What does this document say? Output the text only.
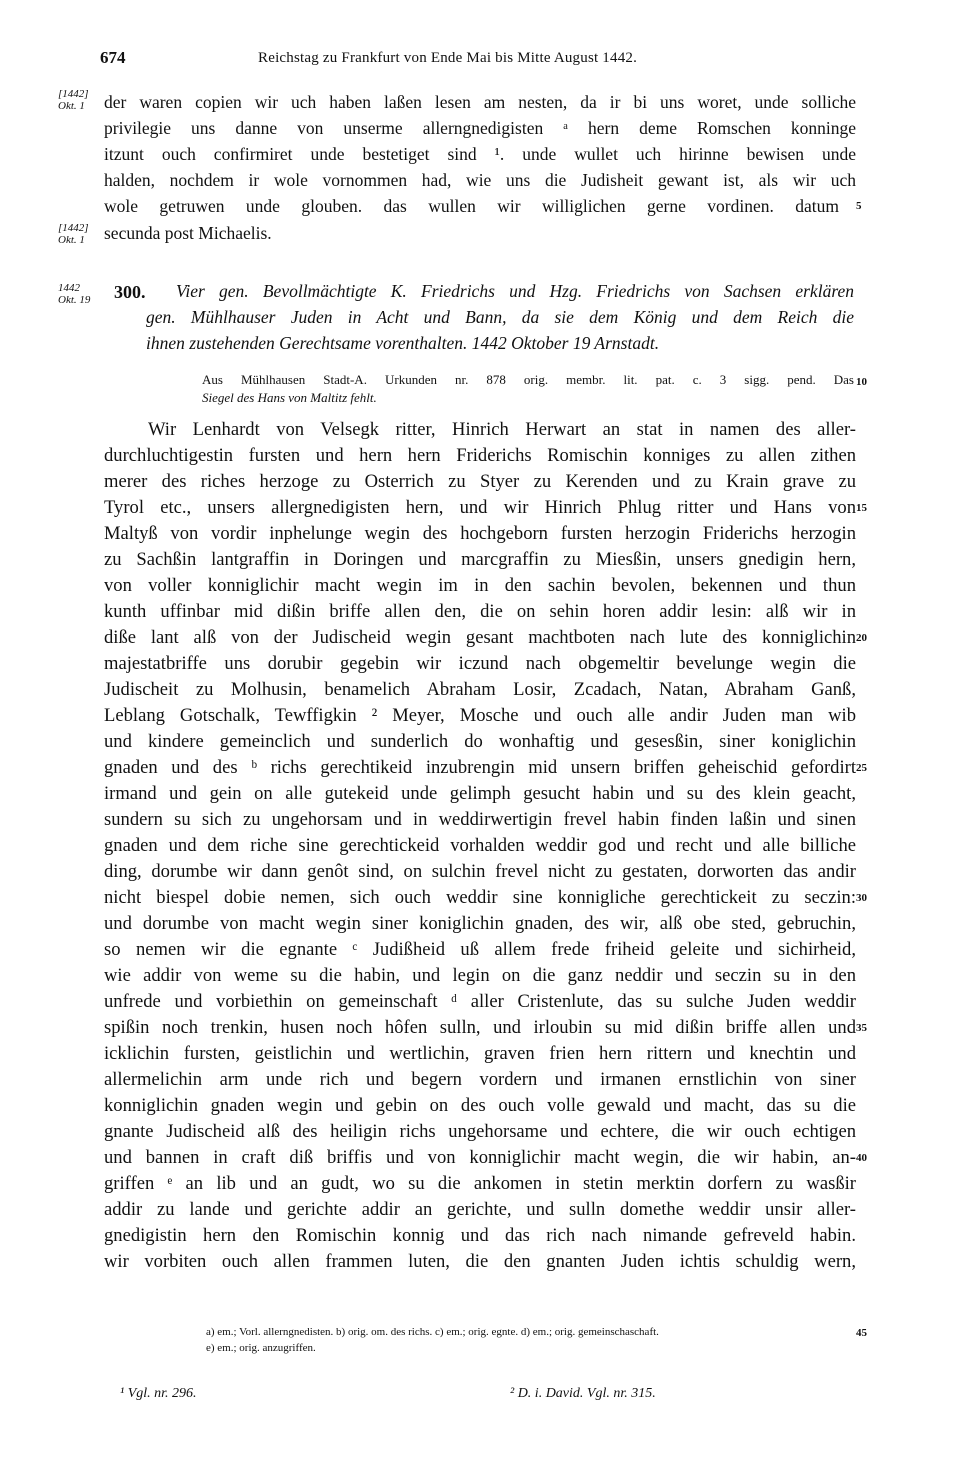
674	Reichstag zu Frankfurt von Ende Mai bis Mitte August 1442.
[1442]
Okt. 1
[1442]
Okt. 1
1442
Okt. 19
der waren copien wir uch haben laßen lesen am nesten, da ir bi uns woret, unde solliche
privilegie uns danne von unserme allerngnedigisten ᵃ hern deme Romschen konninge
itzunt ouch confirmiret unde bestetiget sind ¹. unde wullet uch hirinne bewisen unde
halden, nochdem ir wole vornommen had, wie uns die Judisheit gewant ist, als wir uch
wole getruwen unde glouben. das wullen wir williglichen gerne vordinen. datum
secunda post Michaelis.
300. Vier gen. Bevollmächtigte K. Friedrichs und Hzg. Friedrichs von Sachsen erklären
gen. Mühlhauser Juden in Acht und Bann, da sie dem König und dem Reich die
ihnen zustehenden Gerechtsame vorenthalten. 1442 Oktober 19 Arnstadt.
Aus Mühlhausen Stadt-A. Urkunden nr. 878 orig. membr. lit. pat. c. 3 sigg. pend. Das
Siegel des Hans von Maltitz fehlt.
Wir Lenhardt von Velsegk ritter, Hinrich Herwart an stat in namen des aller-
durchluchtigestin fursten und hern hern Friderichs Romischin konniges zu allen zithen
merer des riches herzoge zu Osterrich zu Styer zu Kerenden und zu Krain grave zu
Tyrol etc., unsers allergnedigisten hern, und wir Hinrich Phlug ritter und Hans von
Maltyß von vordir inphelunge wegin des hochgeborn fursten herzogin Friderichs herzogin
zu Sachßin lantgraffin in Doringen und marcgraffin zu Miesßin, unsers gnedigin hern,
von voller konniglichir macht wegin im in den sachin bevolen, bekennen und thun
kunth uffinbar mid dißin briffe allen den, die on sehin horen addir lesin: alß wir in
diße lant alß von der Judischeid wegin gesant machtboten nach lute des konniglichin
majestatbriffe uns dorubir gegebin wir iczund nach obgemeltir bevelunge wegin die
Judischeit zu Molhusin, benamelich Abraham Losir, Zcadach, Natan, Abraham Ganß,
Leblang Gotschalk, Tewffigkin ² Meyer, Mosche und ouch alle andir Juden man wib
und kindere gemeinclich und sunderlich do wonhaftig und gesesßin, siner koniglichin
gnaden und des ᵇ richs gerechtikeid inzubrengin mid unsern briffen geheischid gefordirt
irmand und gein on alle gutekeid unde gelimph gesucht habin und su des klein geacht,
sundern su sich zu ungehorsam und in weddirwertigin frevel habin finden laßin und sinen
gnaden und dem riche sine gerechtickeid vorhalden weddir god und recht und alle billiche
ding, dorumbe wir dann genôt sind, on sulchin frevel nicht zu gestaten, dorworten das andir
nicht biespel dobie nemen, sich ouch weddir sine konnigliche gerechtickeit zu seczin:
und dorumbe von macht wegin siner koniglichin gnaden, des wir, alß obe sted, gebruchin,
so nemen wir die egnante ᶜ Judißheid uß allem frede friheid geleite und sichirheid,
wie addir von weme su die habin, und legin on die ganz neddir und seczin su in den
unfrede und vorbiethin on gemeinschaft ᵈ aller Cristenlute, das su sulche Juden weddir
spißin noch trenkin, husen noch hôfen sulln, und irloubin su mid dißin briffe allen und
icklichin fursten, geistlichin und wertlichin, graven frien hern rittern und knechtin und
allermelichin arm unde rich und begern vordern und irmanen ernstlichin von siner
konniglichin gnaden wegin und gebin on des ouch volle gewald und macht, das su die
gnante Judischeid alß des heiligin richs ungehorsame und echtere, die wir ouch echtigen
und bannen in craft diß briffis und von konniglichir macht wegin, die wir habin, an-
griffen ᵉ an lib und an gudt, wo su die ankomen in stetin merktin dorfern zu wasßir
addir zu lande und gerichte addir an gerichte, und sulln domethe weddir unsir aller-
gnedigistin hern den Romischin konnig und das rich nach nimande gefreveld habin.
wir vorbiten ouch allen frammen luten, die den gnanten Juden ichtis schuldig wern,
5
10
15
20
25
30
35
40
45
a) em.; Vorl. allerngnedisten. b) orig. om. des richs. c) em.; orig. egnte. d) em.; orig. gemeinschaschaft.
e) em.; orig. anzugriffen.
¹ Vgl. nr. 296.	² D. i. David. Vgl. nr. 315.
